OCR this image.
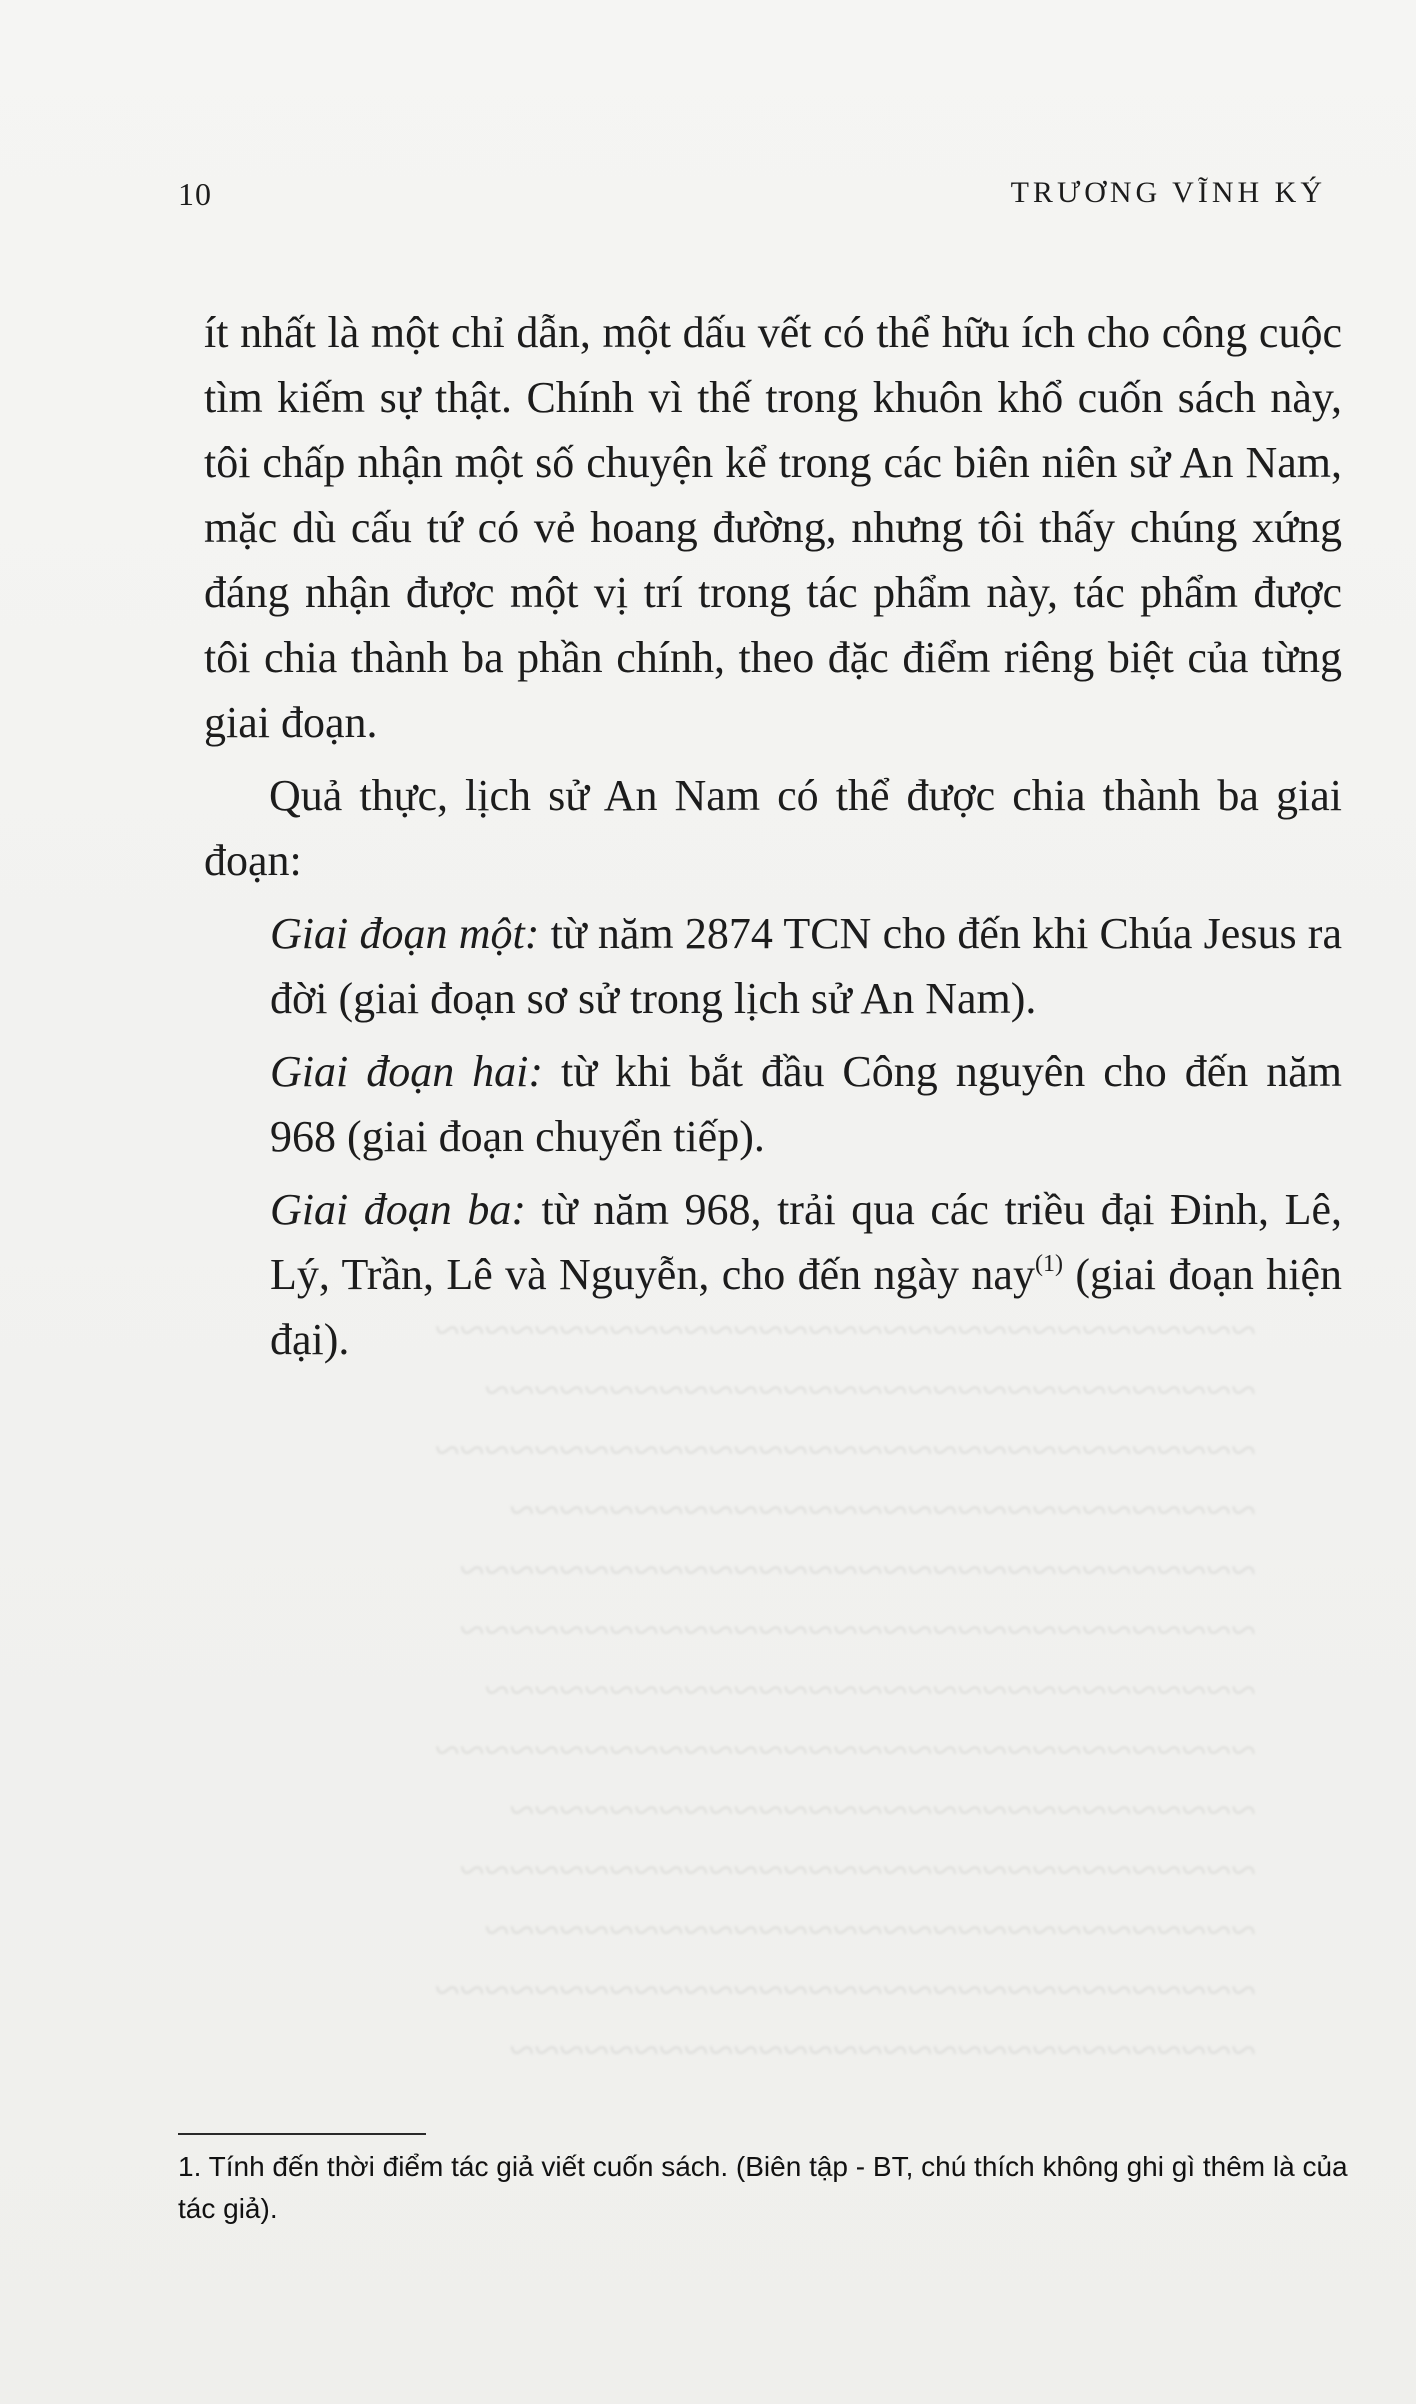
~~~~~~~~~~~~~~~~~~~~~~~~~~~~~~~~~
~~~~~~~~~~~~~~~~~~~~~~~~~~~~~~~
~~~~~~~~~~~~~~~~~~~~~~~~~~~~~~~~~
~~~~~~~~~~~~~~~~~~~~~~~~~~~~~~
~~~~~~~~~~~~~~~~~~~~~~~~~~~~~~~~
~~~~~~~~~~~~~~~~~~~~~~~~~~~~~~~~
~~~~~~~~~~~~~~~~~~~~~~~~~~~~~~~
~~~~~~~~~~~~~~~~~~~~~~~~~~~~~~~~~
~~~~~~~~~~~~~~~~~~~~~~~~~~~~~~
~~~~~~~~~~~~~~~~~~~~~~~~~~~~~~~~
~~~~~~~~~~~~~~~~~~~~~~~~~~~~~~~
~~~~~~~~~~~~~~~~~~~~~~~~~~~~~~~~~
~~~~~~~~~~~~~~~~~~~~~~~~~~~~~~

10	TRƯƠNG VĨNH KÝ

ít nhất là một chỉ dẫn, một dấu vết có thể hữu ích cho công cuộc tìm kiếm sự thật. Chính vì thế trong khuôn khổ cuốn sách này, tôi chấp nhận một số chuyện kể trong các biên niên sử An Nam, mặc dù cấu tứ có vẻ hoang đường, nhưng tôi thấy chúng xứng đáng nhận được một vị trí trong tác phẩm này, tác phẩm được tôi chia thành ba phần chính, theo đặc điểm riêng biệt của từng giai đoạn.

Quả thực, lịch sử An Nam có thể được chia thành ba giai đoạn:

Giai đoạn một: từ năm 2874 TCN cho đến khi Chúa Jesus ra đời (giai đoạn sơ sử trong lịch sử An Nam).

Giai đoạn hai: từ khi bắt đầu Công nguyên cho đến năm 968 (giai đoạn chuyển tiếp).

Giai đoạn ba: từ năm 968, trải qua các triều đại Đinh, Lê, Lý, Trần, Lê và Nguyễn, cho đến ngày nay$^{(1)}$ (giai đoạn hiện đại).

1. Tính đến thời điểm tác giả viết cuốn sách. (Biên tập - BT, chú thích không ghi gì thêm là của tác giả).
